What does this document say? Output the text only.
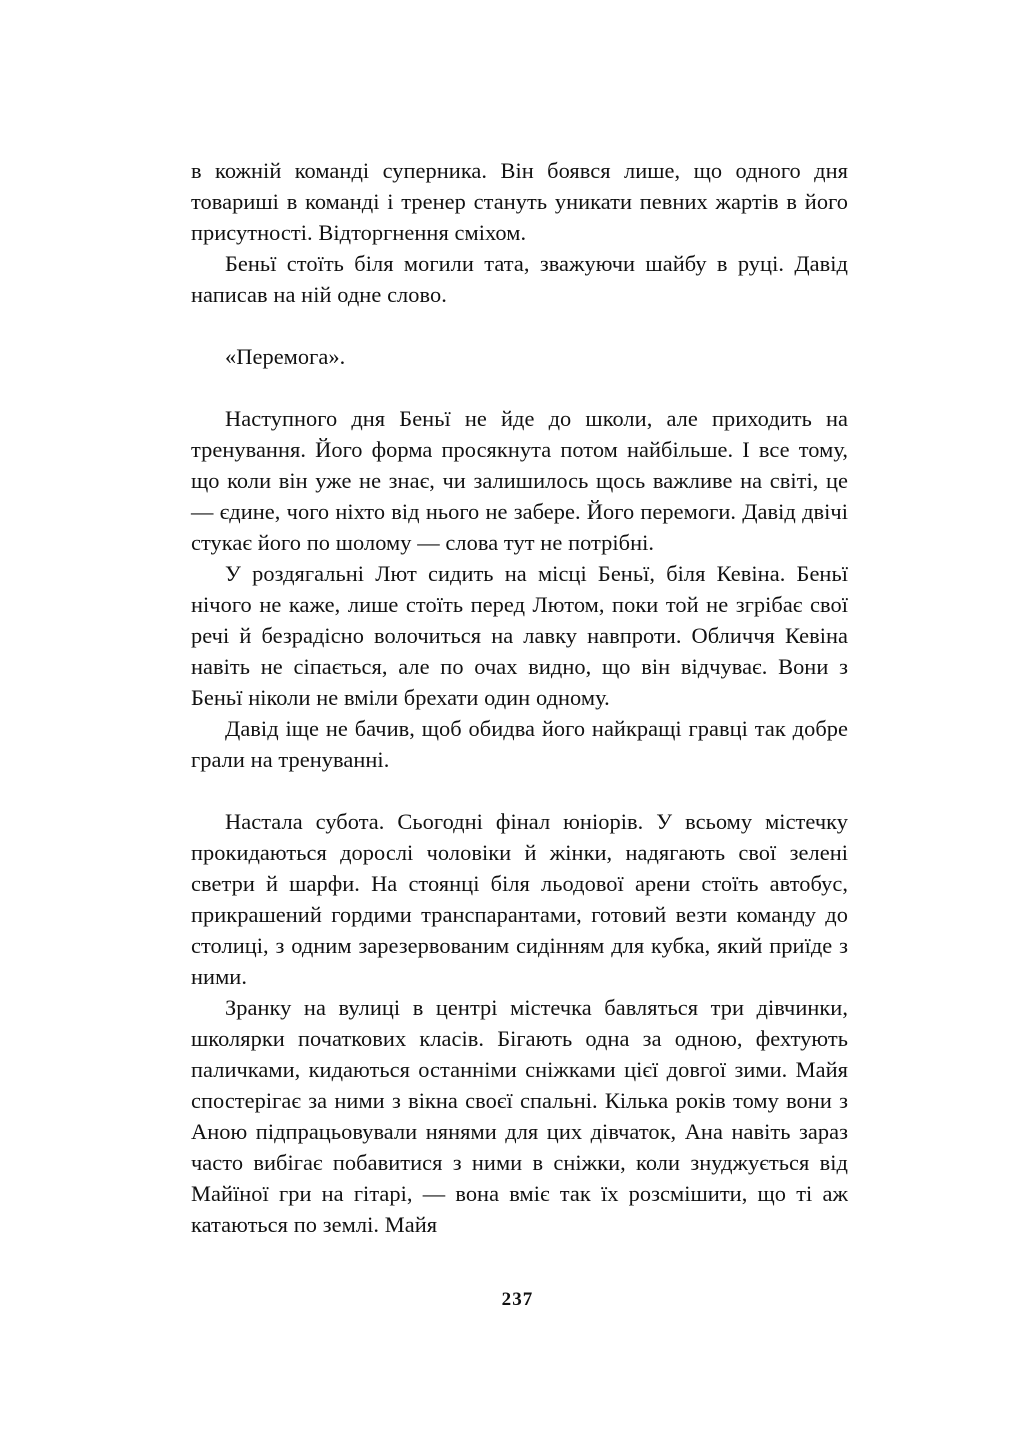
в кожній команді суперника. Він боявся лише, що одного дня товариші в команді і тренер стануть уникати певних жартів в його присутності. Відторгнення сміхом.

Беньї стоїть біля могили тата, зважуючи шайбу в руці. Давід написав на ній одне слово.

«Перемога».

Наступного дня Беньї не йде до школи, але приходить на тренування. Його форма просякнута потом найбільше. І все тому, що коли він уже не знає, чи залишилось щось важливе на світі, це — єдине, чого ніхто від нього не забере. Його перемоги. Давід двічі стукає його по шолому — слова тут не потрібні.

У роздягальні Лют сидить на місці Беньї, біля Кевіна. Беньї нічого не каже, лише стоїть перед Лютом, поки той не згрібає свої речі й безрадісно волочиться на лавку навпроти. Обличчя Кевіна навіть не сіпається, але по очах видно, що він відчуває. Вони з Беньї ніколи не вміли брехати один одному.

Давід іще не бачив, щоб обидва його найкращі гравці так добре грали на тренуванні.

Настала субота. Сьогодні фінал юніорів. У всьому містечку прокидаються дорослі чоловіки й жінки, надягають свої зелені светри й шарфи. На стоянці біля льодової арени стоїть автобус, прикрашений гордими транспарантами, готовий везти команду до столиці, з одним зарезервованим сидінням для кубка, який приїде з ними.

Зранку на вулиці в центрі містечка бавляться три дівчинки, школярки початкових класів. Бігають одна за одною, фехтують паличками, кидаються останніми сніжками цієї довгої зими. Майя спостерігає за ними з вікна своєї спальні. Кілька років тому вони з Аною підпрацьовували нянями для цих дівчаток, Ана навіть зараз часто вибігає побавитися з ними в сніжки, коли знуджується від Майїної гри на гітарі, — вона вміє так їх розсмішити, що ті аж катаються по землі. Майя

237
